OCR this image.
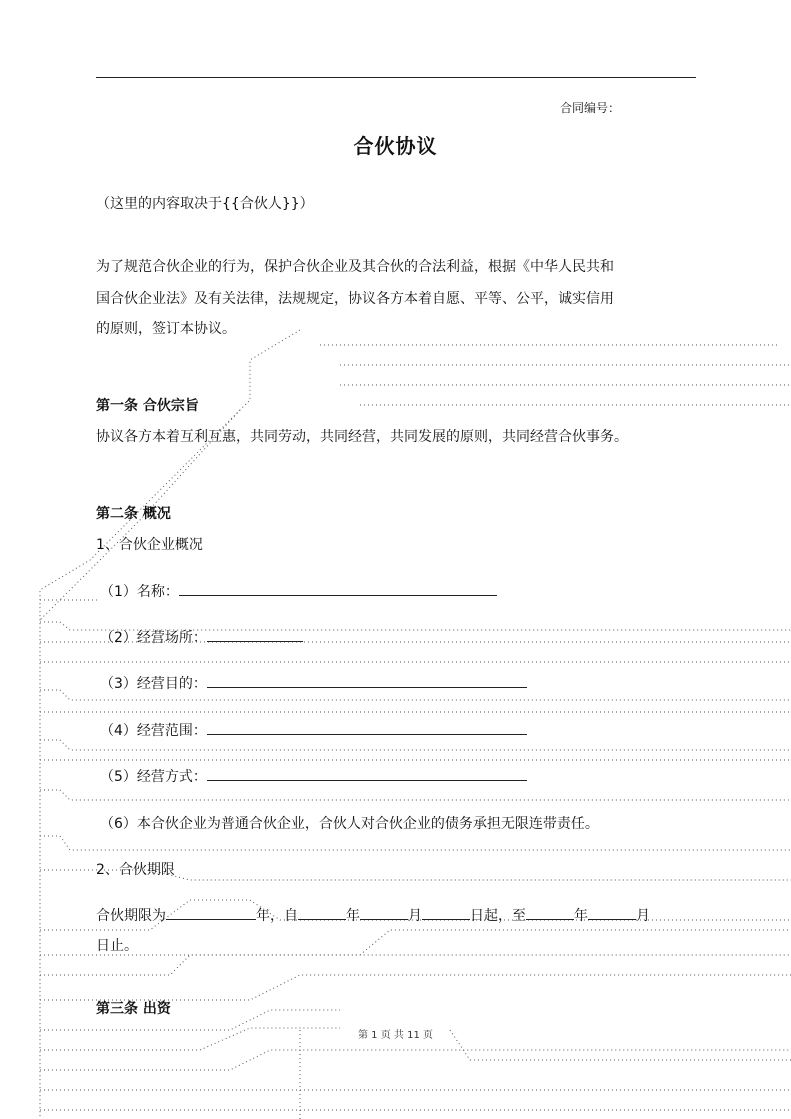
合同编号：
合伙协议
（这里的内容取决于{{合伙人}}）
为了规范合伙企业的行为，保护合伙企业及其合伙的合法利益，根据《中华人民共和
国合伙企业法》及有关法律，法规规定，协议各方本着自愿、平等、公平，诚实信用
的原则，签订本协议。
第一条 合伙宗旨
协议各方本着互利互惠，共同劳动，共同经营，共同发展的原则，共同经营合伙事务。
第二条 概况
1、合伙企业概况
（1）名称：
（2）经营场所：
（3）经营目的：
（4）经营范围：
（5）经营方式：
（6）本合伙企业为普通合伙企业，合伙人对合伙企业的债务承担无限连带责任。
2、合伙期限
合伙期限为	年，自	年	月	日起，至	年	月
日止。
第三条 出资
第 1 页 共 11 页
